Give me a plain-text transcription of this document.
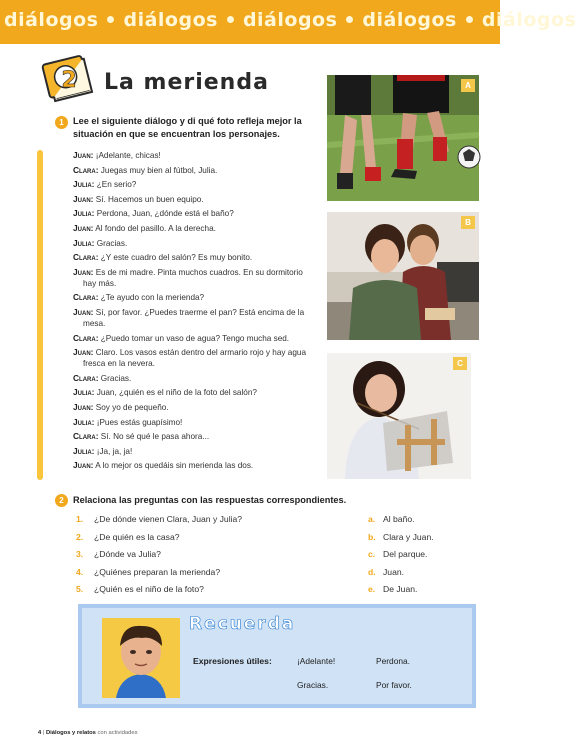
diálogos diálogos diálogos diálogos diálogos
2 La merienda
1	Lee el siguiente diálogo y di qué foto refleja mejor la situación en que se encuentran los personajes.
Juan: ¡Adelante, chicas!
Clara: Juegas muy bien al fútbol, Julia.
Julia: ¿En serio?
Juan: Sí. Hacemos un buen equipo.
Julia: Perdona, Juan, ¿dónde está el baño?
Juan: Al fondo del pasillo. A la derecha.
Julia: Gracias.
Clara: ¿Y este cuadro del salón? Es muy bonito.
Juan: Es de mi madre. Pinta muchos cuadros. En su dormitorio hay más.
Clara: ¿Te ayudo con la merienda?
Juan: Sí, por favor. ¿Puedes traerme el pan? Está encima de la mesa.
Clara: ¿Puedo tomar un vaso de agua? Tengo mucha sed.
Juan: Claro. Los vasos están dentro del armario rojo y hay agua fresca en la nevera.
Clara: Gracias.
Julia: Juan, ¿quién es el niño de la foto del salón?
Juan: Soy yo de pequeño.
Julia: ¡Pues estás guapísimo!
Clara: Sí. No sé qué le pasa ahora...
Julia: ¡Ja, ja, ja!
Juan: A lo mejor os quedáis sin merienda las dos.
A
B
C
2	Relaciona las preguntas con las respuestas correspondientes.
1. ¿De dónde vienen Clara, Juan y Julia?
2. ¿De quién es la casa?
3. ¿Dónde va Julia?
4. ¿Quiénes preparan la merienda?
5. ¿Quién es el niño de la foto?
a. Al baño.
b. Clara y Juan.
c. Del parque.
d. Juan.
e. De Juan.
Recuerda
Expresiones útiles:	¡Adelante!	Perdona.
Gracias.	Por favor.
4 | Diálogos y relatos con actividades
